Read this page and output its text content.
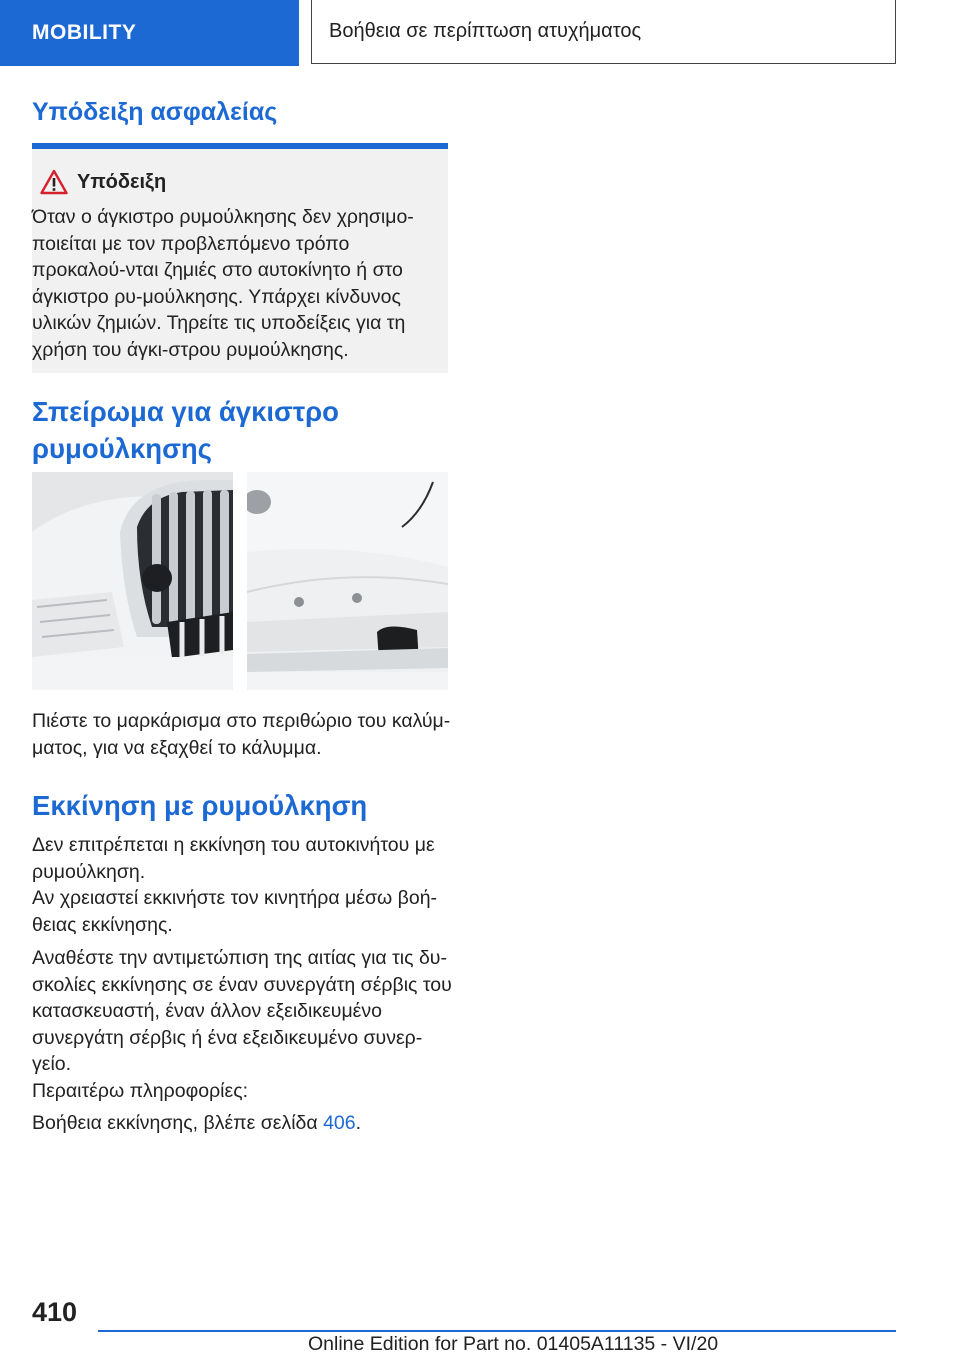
MOBILITY	Βοήθεια σε περίπτωση ατυχήματος
Υπόδειξη ασφαλείας
Υπόδειξη

Όταν ο άγκιστρο ρυμούλκησης δεν χρησιμο-ποιείται με τον προβλεπόμενο τρόπο προκαλού-νται ζημιές στο αυτοκίνητο ή στο άγκιστρο ρυ-μούλκησης. Υπάρχει κίνδυνος υλικών ζημιών. Τηρείτε τις υποδείξεις για τη χρήση του άγκι-στρου ρυμούλκησης.

Σπείρωμα για άγκιστρο ρυμούλκησης

Πιέστε το μαρκάρισμα στο περιθώριο του καλύμ-ματος, για να εξαχθεί το κάλυμμα.

Εκκίνηση με ρυμούλκηση

Δεν επιτρέπεται η εκκίνηση του αυτοκινήτου με ρυμούλκηση.

Αν χρειαστεί εκκινήστε τον κινητήρα μέσω βοή-θειας εκκίνησης.

Αναθέστε την αντιμετώπιση της αιτίας για τις δυ-σκολίες εκκίνησης σε έναν συνεργάτη σέρβις του κατασκευαστή, έναν άλλον εξειδικευμένο συνεργάτη σέρβις ή ένα εξειδικευμένο συνερ-γείο.

Περαιτέρω πληροφορίες:

Βοήθεια εκκίνησης, βλέπε σελίδα 406.

410
Online Edition for Part no. 01405A11135 - VI/20
